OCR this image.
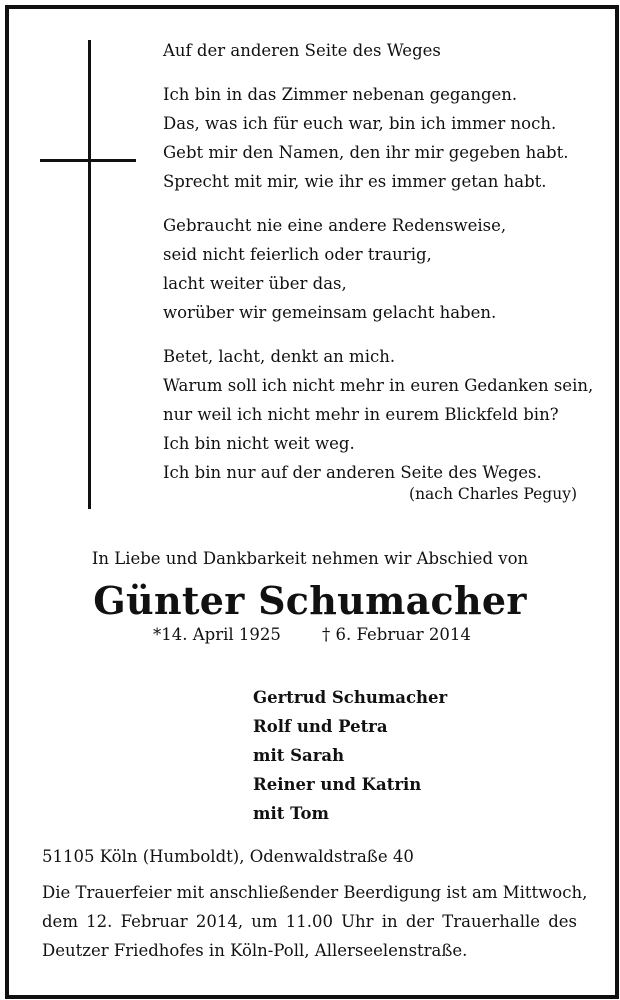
Auf der anderen Seite des Weges
Ich bin in das Zimmer nebenan gegangen.
Das, was ich für euch war, bin ich immer noch.
Gebt mir den Namen, den ihr mir gegeben habt.
Sprecht mit mir, wie ihr es immer getan habt.
Gebraucht nie eine andere Redensweise,
seid nicht feierlich oder traurig,
lacht weiter über das,
worüber wir gemeinsam gelacht haben.
Betet, lacht, denkt an mich.
Warum soll ich nicht mehr in euren Gedanken sein,
nur weil ich nicht mehr in eurem Blickfeld bin?
Ich bin nicht weit weg.
Ich bin nur auf der anderen Seite des Weges.
(nach Charles Peguy)
In Liebe und Dankbarkeit nehmen wir Abschied von
Günter Schumacher
*14. April 1925 † 6. Februar 2014
Gertrud Schumacher
Rolf und Petra
mit Sarah
Reiner und Katrin
mit Tom
51105 Köln (Humboldt), Odenwaldstraße 40
Die Trauerfeier mit anschließender Beerdigung ist am Mittwoch,
dem 12. Februar 2014, um 11.00 Uhr in der Trauerhalle des
Deutzer Friedhofes in Köln-Poll, Allerseelenstraße.
